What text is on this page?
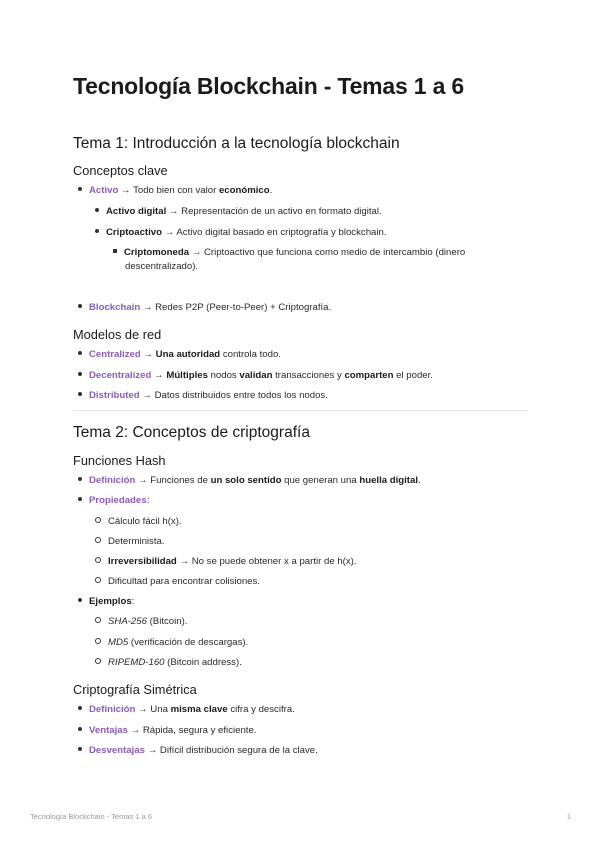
Tecnología Blockchain - Temas 1 a 6
Tema 1: Introducción a la tecnología blockchain
Conceptos clave
Activo → Todo bien con valor económico.
Activo digital → Representación de un activo en formato digital.
Criptoactivo → Activo digital basado en criptografía y blockchain.
Criptomoneda → Criptoactivo que funciona como medio de intercambio (dinero descentralizado).
Blockchain → Redes P2P (Peer-to-Peer) + Criptografía.
Modelos de red
Centralized → Una autoridad controla todo.
Decentralized → Múltiples nodos validan transacciones y comparten el poder.
Distributed → Datos distribuidos entre todos los nodos.
Tema 2: Conceptos de criptografía
Funciones Hash
Definición → Funciones de un solo sentido que generan una huella digital.
Propiedades:
Cálculo fácil h(x).
Determinista.
Irreversibilidad → No se puede obtener x a partir de h(x).
Dificultad para encontrar colisiones.
Ejemplos:
SHA-256 (Bitcoin).
MD5 (verificación de descargas).
RIPEMD-160 (Bitcoin address).
Criptografía Simétrica
Definición → Una misma clave cifra y descifra.
Ventajas → Rápida, segura y eficiente.
Desventajas → Difícil distribución segura de la clave.
Tecnología Blockchain - Temas 1 a 6	1
